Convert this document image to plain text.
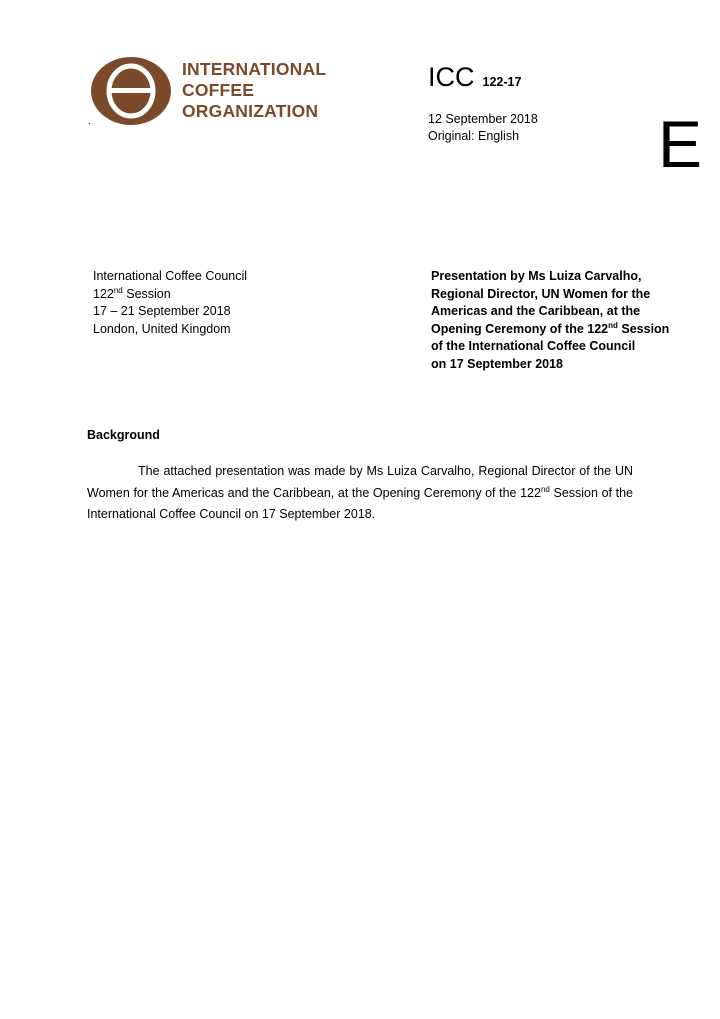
INTERNATIONAL
COFFEE
ORGANIZATION
.
ICC 122-17
12 September 2018
Original: English E
International Coffee Council
122nd Session
17 – 21 September 2018
London, United Kingdom
Presentation by Ms Luiza Carvalho,
Regional Director, UN Women for the
Americas and the Caribbean, at the
Opening Ceremony of the 122nd Session
of the International Coffee Council
on 17 September 2018
Background
The attached presentation was made by Ms Luiza Carvalho, Regional Director of the UN Women for the Americas and the Caribbean, at the Opening Ceremony of the 122nd Session of the International Coffee Council on 17 September 2018.
